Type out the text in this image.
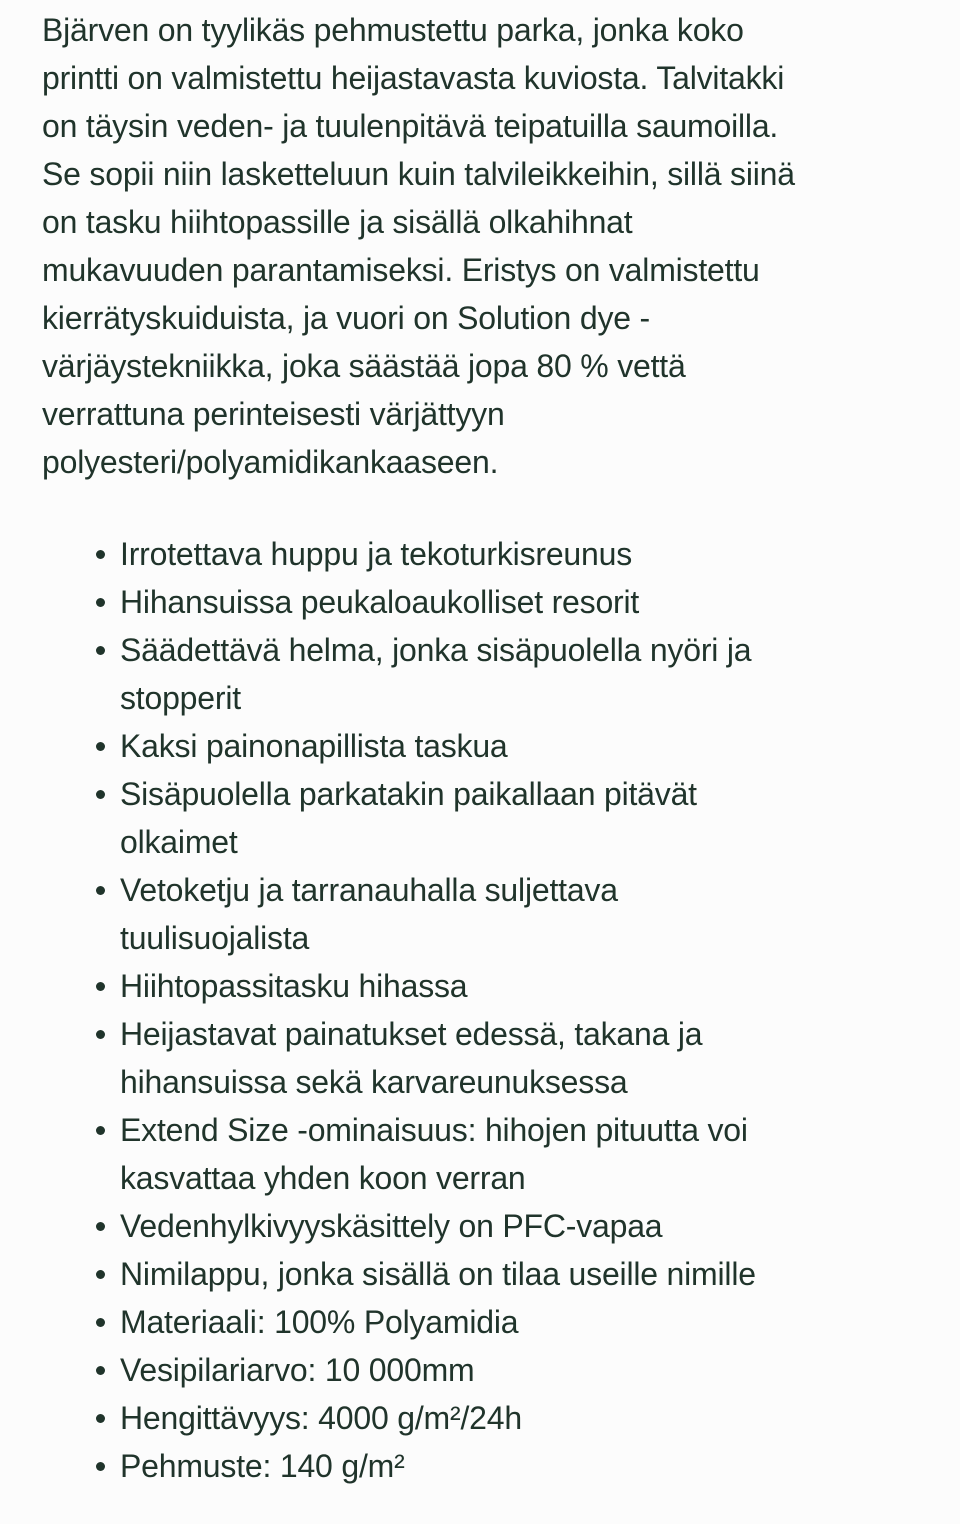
Bjärven on tyylikäs pehmustettu parka, jonka koko
printti on valmistettu heijastavasta kuviosta. Talvitakki
on täysin veden- ja tuulenpitävä teipatuilla saumoilla.
Se sopii niin lasketteluun kuin talvileikkeihin, sillä siinä
on tasku hiihtopassille ja sisällä olkahihnat
mukavuuden parantamiseksi. Eristys on valmistettu
kierrätyskuiduista, ja vuori on Solution dye -
värjäystekniikka, joka säästää jopa 80 % vettä
verrattuna perinteisesti värjättyyn
polyesteri/polyamidikankaaseen.
Irrotettava huppu ja tekoturkisreunus
Hihansuissa peukaloaukolliset resorit
Säädettävä helma, jonka sisäpuolella nyöri ja stopperit
Kaksi painonapillista taskua
Sisäpuolella parkatakin paikallaan pitävät olkaimet
Vetoketju ja tarranauhalla suljettava tuulisuojalista
Hiihtopassitasku hihassa
Heijastavat painatukset edessä, takana ja hihansuissa sekä karvareunuksessa
Extend Size -ominaisuus: hihojen pituutta voi kasvattaa yhden koon verran
Vedenhylkivyyskäsittely on PFC-vapaa
Nimilappu, jonka sisällä on tilaa useille nimille
Materiaali: 100% Polyamidia
Vesipilariarvo: 10 000mm
Hengittävyys: 4000 g/m²/24h
Pehmuste: 140 g/m²
